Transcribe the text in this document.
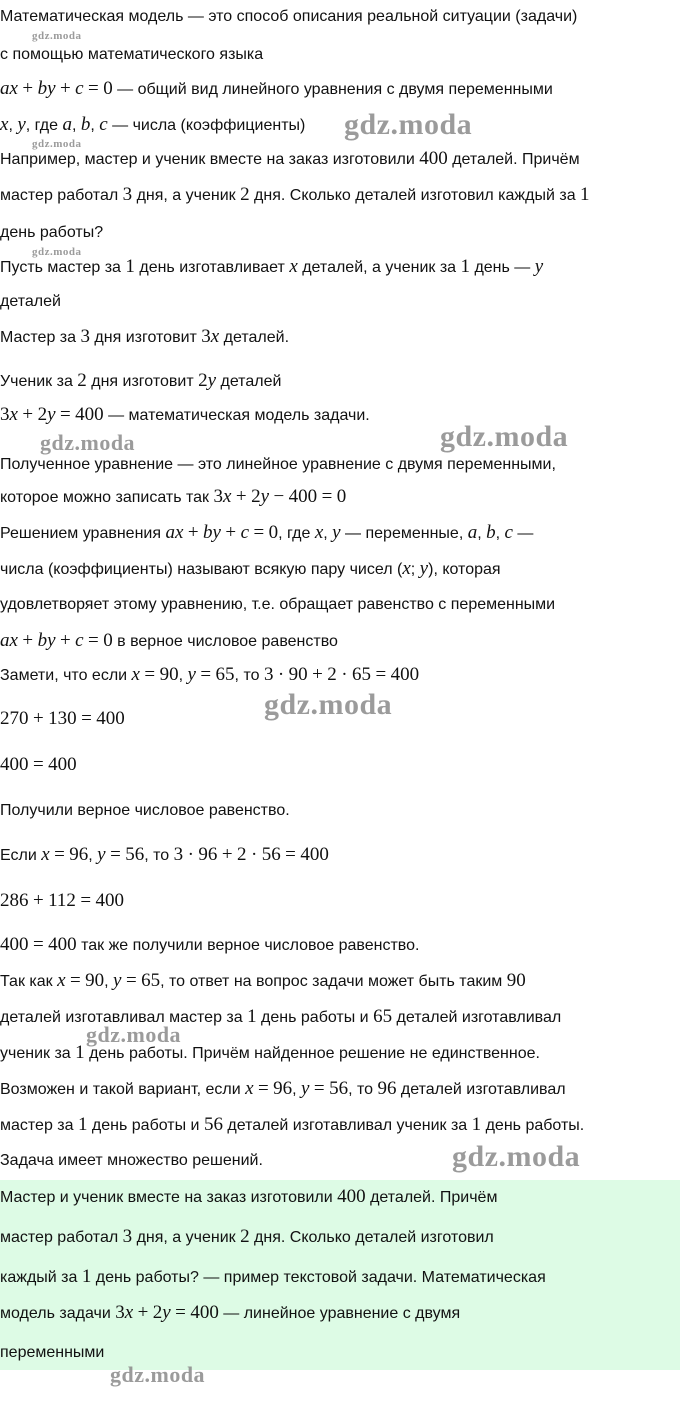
Математическая модель — это способ описания реальной ситуации (задачи)
с помощью математического языка
ax + by + c = 0 — общий вид линейного уравнения с двумя переменными
x, y, где a, b, c — числа (коэффициенты)
Например, мастер и ученик вместе на заказ изготовили 400 деталей. Причём
мастер работал 3 дня, а ученик 2 дня. Сколько деталей изготовил каждый за 1
день работы?
Пусть мастер за 1 день изготавливает x деталей, а ученик за 1 день — y
деталей
Мастер за 3 дня изготовит 3x деталей.
Ученик за 2 дня изготовит 2y деталей
3x + 2y = 400 — математическая модель задачи.
Полученное уравнение — это линейное уравнение с двумя переменными,
которое можно записать так 3x + 2y − 400 = 0
Решением уравнения ax + by + c = 0, где x, y — переменные, a, b, c —
числа (коэффициенты) называют всякую пару чисел (x; y), которая
удовлетворяет этому уравнению, т.е. обращает равенство с переменными
ax + by + c = 0 в верное числовое равенство
Замети, что если x = 90, y = 65, то 3 · 90 + 2 · 65 = 400
270 + 130 = 400
400 = 400
Получили верное числовое равенство.
Если x = 96, y = 56, то 3 · 96 + 2 · 56 = 400
286 + 112 = 400
400 = 400 так же получили верное числовое равенство.
Так как x = 90, y = 65, то ответ на вопрос задачи может быть таким 90
деталей изготавливал мастер за 1 день работы и 65 деталей изготавливал
ученик за 1 день работы. Причём найденное решение не единственное.
Возможен и такой вариант, если x = 96, y = 56, то 96 деталей изготавливал
мастер за 1 день работы и 56 деталей изготавливал ученик за 1 день работы.
Задача имеет множество решений.
Мастер и ученик вместе на заказ изготовили 400 деталей. Причём
мастер работал 3 дня, а ученик 2 дня. Сколько деталей изготовил
каждый за 1 день работы? — пример текстовой задачи. Математическая
модель задачи 3x + 2y = 400 — линейное уравнение с двумя
переменными
gdz.moda
gdz.moda
gdz.moda
gdz.moda
gdz.moda	gdz.moda
gdz.moda
gdz.moda
gdz.moda
gdz.moda
